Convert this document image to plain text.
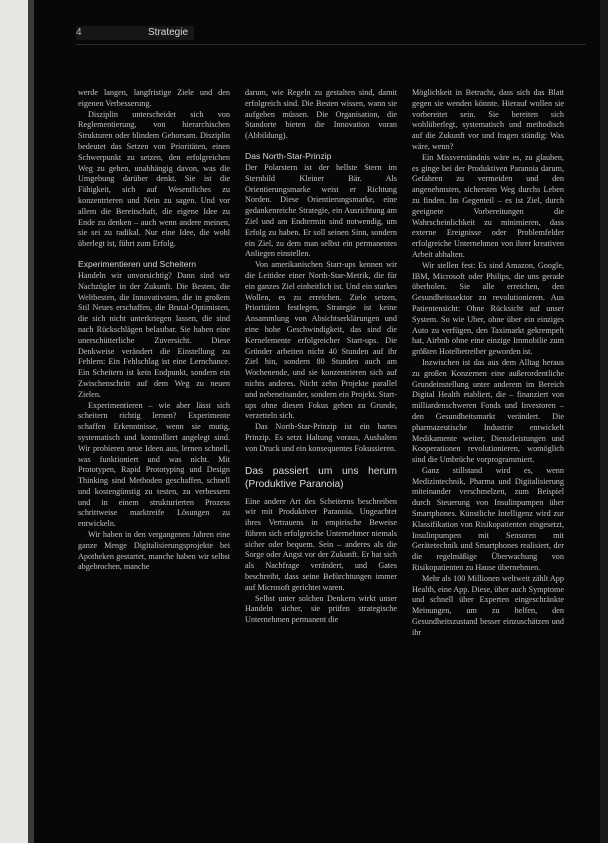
4	Strategie

werde langen, langfristige Ziele und den eigenen Verbesserung.

Disziplin unterscheidet sich von Reglementierung, von hierarchischen Strukturen oder blindem Gehorsam. Disziplin bedeutet das Setzen von Prioritäten, einen Schwerpunkt zu setzen, den erfolgreichen Weg zu gehen, unabhängig davon, was die Umgebung darüber denkt. Sie ist die Fähigkeit, sich auf Wesentliches zu konzentrieren und Nein zu sagen. Und vor allem die Bereitschaft, die eigene Idee zu Ende zu denken – auch wenn andere meinen, sie sei zu radikal. Nur eine Idee, die wohl überlegt ist, führt zum Erfolg.

Experimentieren und Scheitern

Handeln wir unvorsichtig? Dann sind wir Nachzügler in der Zukunft. Die Besten, die Weltbesten, die Innovativsten, die in großem Stil Neues erschaffen, die Brutal-Optimisten, die sich nicht unterkriegen lassen, die sind nach Rückschlägen belastbar. Sie haben eine unerschütterliche Zuversicht. Diese Denkweise verändert die Einstellung zu Fehlern: Ein Fehlschlag ist eine Lernchance. Ein Scheitern ist kein Endpunkt, sondern ein Zwischenschritt auf dem Weg zu neuen Zielen.

Experimentieren – wie aber lässt sich scheitern richtig lernen? Experimente schaffen Erkenntnisse, wenn sie mutig, systematisch und kontrolliert angelegt sind. Wir probieren neue Ideen aus, lernen schnell, was funktioniert und was nicht. Mit Prototypen, Rapid Prototyping und Design Thinking sind Methoden geschaffen, schnell und kostengünstig zu testen, zu verbessern und in einem strukturierten Prozess schrittweise marktreife Lösungen zu entwickeln.

Wir haben in den vergangenen Jahren eine ganze Menge Digitalisierungsprojekte bei Apotheken gestartet, manche haben wir selbst abgebrochen, manche

darum, wie Regeln zu gestalten sind, damit erfolgreich sind. Die Besten wissen, wann sie aufgeben müssen. Die Organisation, die Standorte bieten die Innovation voran (Abbildung).

Das North-Star-Prinzip

Der Polarstern ist der hellste Stern im Sternbild Kleiner Bär. Als Orientierungsmarke weist er Richtung Norden. Diese Orientierungsmarke, eine gedankenreiche Strategie, ein Ausrichtung am Ziel und am Endtermin sind notwendig, um Erfolg zu haben. Er soll seinen Sinn, sondern ein Ziel, zu dem man selbst ein permanentes Anliegen einstellen.

Von amerikanischen Start-ups kennen wir die Leitidee einer North-Star-Metrik, die für ein ganzes Ziel einheitlich ist. Und ein starkes Wollen, es zu erreichen. Ziele setzen, Prioritäten festlegen, Strategie ist keine Ansammlung von Absichtserklärungen und eine hohe Geschwindigkeit, das sind die Kernelemente erfolgreicher Start-ups. Die Gründer arbeiten nicht 40 Stunden auf ihr Ziel hin, sondern 80 Stunden auch am Wochenende, und sie konzentrieren sich auf nichts anderes. Nicht zehn Projekte parallel und nebeneinander, sondern ein Projekt. Start-ups ohne diesen Fokus gehen zu Grunde, verzetteln sich.

Das North-Star-Prinzip ist ein hartes Prinzip. Es setzt Haltung voraus, Aushalten von Druck und ein konsequentes Fokussieren.

Das passiert um uns herum (Produktive Paranoia)

Eine andere Art des Scheiterns beschreiben wir mit Produktiver Paranoia. Ungeachtet ihres Vertrauens in empirische Beweise führen sich erfolgreiche Unternehmer niemals sicher oder bequem. Sein – anderes als die Sorge oder Angst vor der Zukunft. Er hat sich als Nachfrage verändert, und Gates beschreibt, dass seine Befürchtungen immer auf Microsoft gerichtet waren.

Selbst unter solchen Denkern wirkt unser Handeln sicher, sie prüfen strategische Unternehmen permanent die

Möglichkeit in Betracht, dass sich das Blatt gegen sie wenden könnte. Hierauf wollen sie vorbereitet sein. Sie bereiten sich wohlüberlegt, systematisch und methodisch auf die Zukunft vor und fragen ständig: Was wäre, wenn?

Ein Missverständnis wäre es, zu glauben, es ginge bei der Produktiven Paranoia darum, Gefahren zu vermeiden und den angenehmsten, sichersten Weg durchs Leben zu finden. Im Gegenteil – es ist Ziel, durch geeignete Vorbereitungen die Wahrscheinlichkeit zu minimieren, dass externe Ereignisse oder Problemfelder erfolgreiche Unternehmen von ihrer kreativen Arbeit abhalten.

Wir stellen fest: Es sind Amazon, Google, IBM, Microsoft oder Philips, die uns gerade überholen. Sie alle erreichen, den Gesundheitssektor zu revolutionieren. Aus Patientensicht: Ohne Rücksicht auf unser System. So wie Uber, ohne über ein einziges Auto zu verfügen, den Taximarkt gekrempelt hat, Airbnb ohne eine einzige Immobilie zum größten Hotelbetreiber geworden ist.

Inzwischen ist das aus dem Alltag heraus zu großen Konzernen eine außerordentliche Grundeinstellung unter anderem im Bereich Digital Health etabliert, die – finanziert von milliardenschweren Fonds und Investoren – den Gesundheitsmarkt verändert. Die pharmazeutische Industrie entwickelt Medikamente weiter, Dienstleistungen und Kooperationen revolutionieren, womöglich sind die Umbrüche vorprogrammiert.

Ganz stillstand wird es, wenn Medizintechnik, Pharma und Digitalisierung miteinander verschmelzen, zum Beispiel durch Steuerung von Insulinpumpen über Smartphones. Künstliche Intelligenz wird zur Klassifikation von Risikopatienten eingesetzt, Insulinpumpen mit Sensoren mit Gerätetechnik und Smartphones realisiert, der die regelmäßige Überwachung von Risikopatienten zu Hause übernehmen.

Mehr als 100 Millionen weltweit zählt App Health, eine App. Diese, über auch Symptome und schnell über Experten eingeschränkte Meinungen, um zu helfen, den Gesundheitszustand besser einzuschätzen und ihr
